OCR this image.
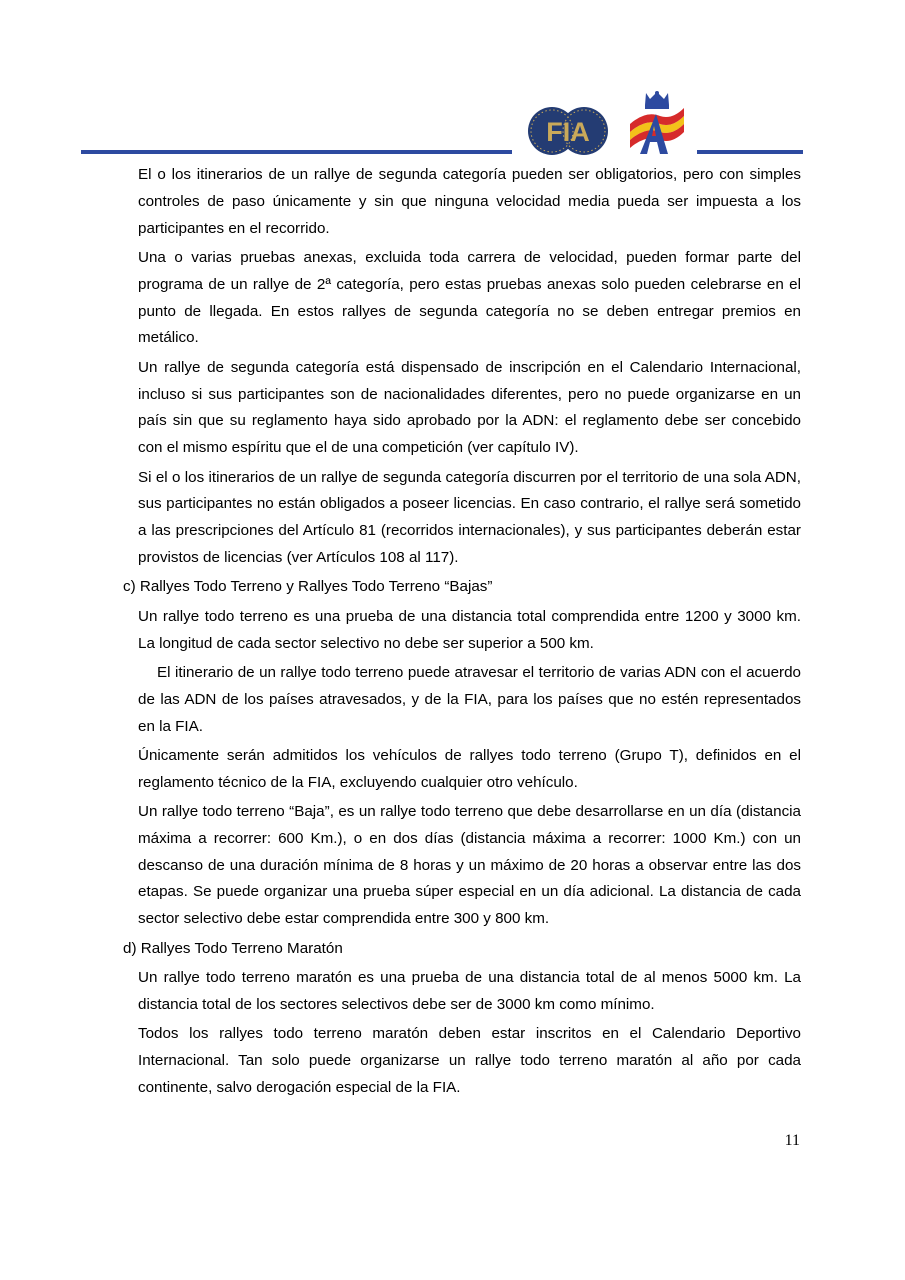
FIA

El o los itinerarios de un rallye de segunda categoría pueden ser obligatorios, pero con simples controles de paso únicamente y sin que ninguna velocidad media pueda ser impuesta a los participantes en el recorrido.

Una o varias pruebas anexas, excluida toda carrera de velocidad, pueden formar parte del programa de un rallye de 2ª categoría, pero estas pruebas anexas solo pueden celebrarse en el punto de llegada. En estos rallyes de segunda categoría no se deben entregar premios en metálico.

Un rallye de segunda categoría está dispensado de inscripción en el Calendario Internacional, incluso si sus participantes son de nacionalidades diferentes, pero no puede organizarse en un país sin que su reglamento haya sido aprobado por la ADN: el reglamento debe ser concebido con el mismo espíritu que el de una competición (ver capítulo IV).

Si el o los itinerarios de un rallye de segunda categoría discurren por el territorio de una sola ADN, sus participantes no están obligados a poseer licencias. En caso contrario, el rallye será sometido a las prescripciones del Artículo 81 (recorridos internacionales), y sus participantes deberán estar provistos de licencias (ver Artículos 108 al 117).

c) Rallyes Todo Terreno y Rallyes Todo Terreno “Bajas”

Un rallye todo terreno es una prueba de una distancia total comprendida entre 1200 y 3000 km. La longitud de cada sector selectivo no debe ser superior a 500 km.

El itinerario de un rallye todo terreno puede atravesar el territorio de varias ADN con el acuerdo de las ADN de los países atravesados, y de la FIA, para los países que no estén representados en la FIA.

Únicamente serán admitidos los vehículos de rallyes todo terreno (Grupo T), definidos en el reglamento técnico de la FIA, excluyendo cualquier otro vehículo.

Un rallye todo terreno “Baja”, es un rallye todo terreno que debe desarrollarse en un día (distancia máxima a recorrer: 600 Km.), o en dos días (distancia máxima a recorrer: 1000 Km.) con un descanso de una duración mínima de 8 horas y un máximo de 20 horas a observar entre las dos etapas. Se puede organizar una prueba súper especial en un día adicional. La distancia de cada sector selectivo debe estar comprendida entre 300 y 800 km.

d) Rallyes Todo Terreno Maratón

Un rallye todo terreno maratón es una prueba de una distancia total de al menos 5000 km. La distancia total de los sectores selectivos debe ser de 3000 km como mínimo.

Todos los rallyes todo terreno maratón deben estar inscritos en el Calendario Deportivo Internacional. Tan solo puede organizarse un rallye todo terreno maratón al año por cada continente, salvo derogación especial de la FIA.

11
